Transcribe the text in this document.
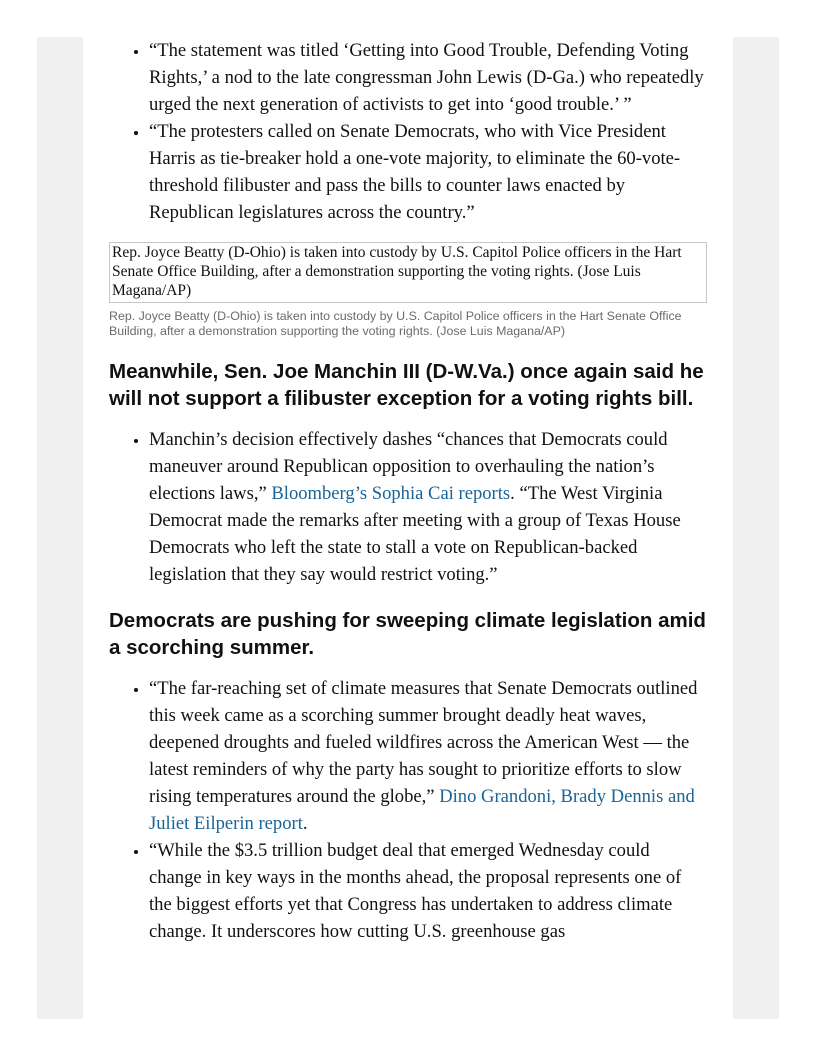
• “The statement was titled ‘Getting into Good Trouble, Defending Voting Rights,’ a nod to the late congressman John Lewis (D-Ga.) who repeatedly urged the next generation of activists to get into ‘good trouble.’ ”
• “The protesters called on Senate Democrats, who with Vice President Harris as tie-breaker hold a one-vote majority, to eliminate the 60-vote-threshold filibuster and pass the bills to counter laws enacted by Republican legislatures across the country.”
Rep. Joyce Beatty (D-Ohio) is taken into custody by U.S. Capitol Police officers in the Hart Senate Office Building, after a demonstration supporting the voting rights. (Jose Luis Magana/AP)
Rep. Joyce Beatty (D-Ohio) is taken into custody by U.S. Capitol Police officers in the Hart Senate Office Building, after a demonstration supporting the voting rights. (Jose Luis Magana/AP)
Meanwhile, Sen. Joe Manchin III (D-W.Va.) once again said he will not support a filibuster exception for a voting rights bill.
• Manchin’s decision effectively dashes “chances that Democrats could maneuver around Republican opposition to overhauling the nation’s elections laws,” Bloomberg’s Sophia Cai reports. “The West Virginia Democrat made the remarks after meeting with a group of Texas House Democrats who left the state to stall a vote on Republican-backed legislation that they say would restrict voting.”
Democrats are pushing for sweeping climate legislation amid a scorching summer.
• “The far-reaching set of climate measures that Senate Democrats outlined this week came as a scorching summer brought deadly heat waves, deepened droughts and fueled wildfires across the American West — the latest reminders of why the party has sought to prioritize efforts to slow rising temperatures around the globe,” Dino Grandoni, Brady Dennis and Juliet Eilperin report.
• “While the $3.5 trillion budget deal that emerged Wednesday could change in key ways in the months ahead, the proposal represents one of the biggest efforts yet that Congress has undertaken to address climate change. It underscores how cutting U.S. greenhouse gas
